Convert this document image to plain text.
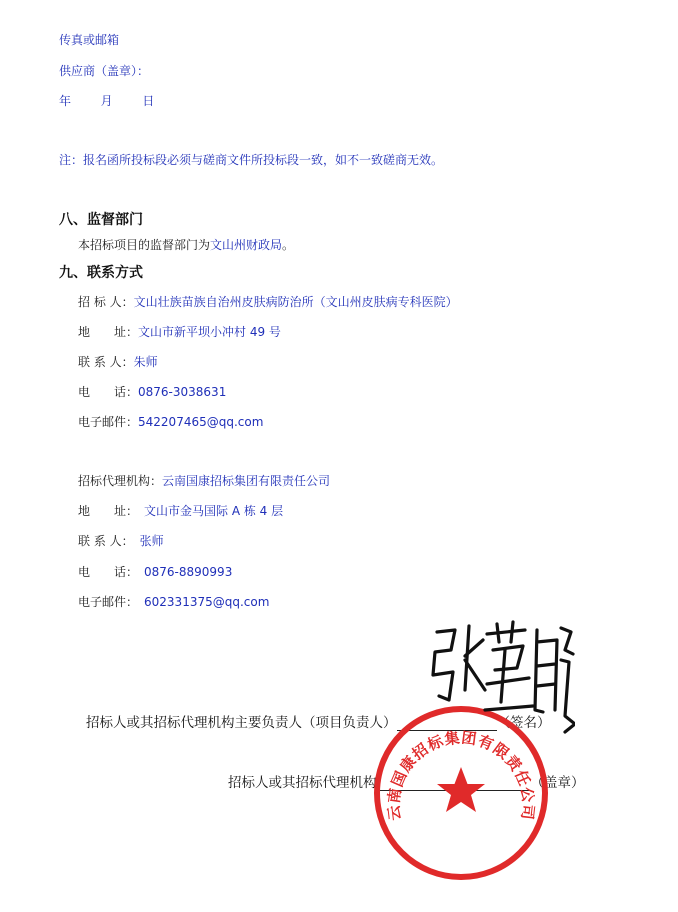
传真或邮箱
供应商（盖章）：
年 月 日
注：报名函所投标段必须与磋商文件所投标段一致，如不一致磋商无效。
八、监督部门
本招标项目的监督部门为文山州财政局。
九、联系方式
招 标 人：文山壮族苗族自治州皮肤病防治所（文山州皮肤病专科医院）
地　　址：文山市新平坝小冲村 49 号
联 系 人：朱师
电　　话：0876-3038631
电子邮件：542207465@qq.com
招标代理机构：云南国康招标集团有限责任公司
地　　址： 文山市金马国际 A 栋 4 层
联 系 人： 张师
电　　话： 0876-8890993
电子邮件： 602331375@qq.com
招标人或其招标代理机构主要负责人（项目负责人）	（签名）
招标人或其招标代理机构	（盖章）
云南国康招标集团有限责任公司
